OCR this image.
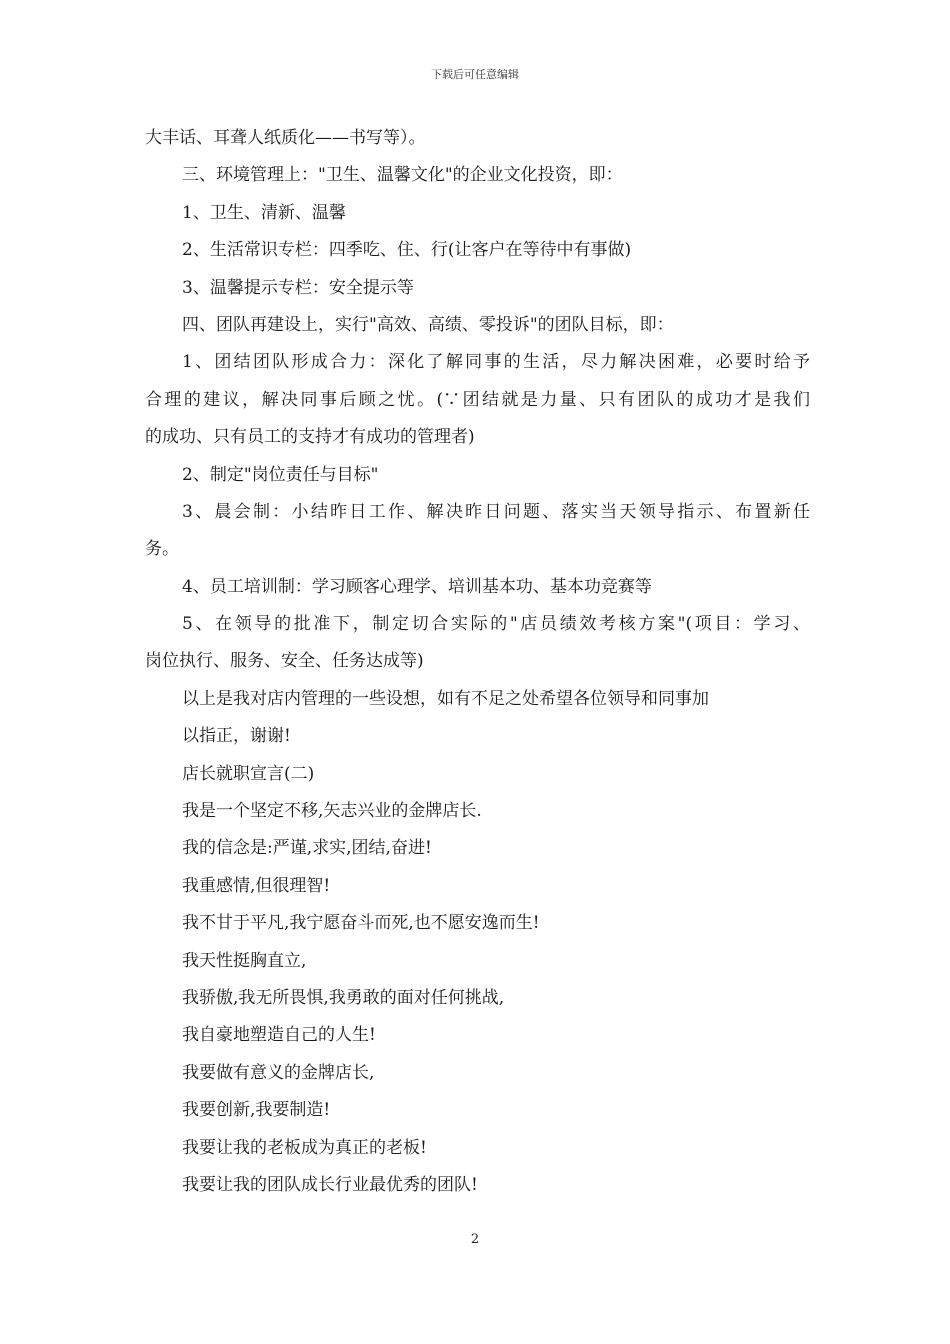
下载后可任意编辑
大丰话、耳聋人纸质化——书写等）。
三、环境管理上："卫生、温馨文化"的企业文化投资，即：
1、卫生、清新、温馨
2、生活常识专栏：四季吃、住、行(让客户在等待中有事做)
3、温馨提示专栏：安全提示等
四、团队再建设上，实行"高效、高绩、零投诉"的团队目标，即：
1、团结团队形成合力：深化了解同事的生活，尽力解决困难，必要时给予
合理的建议，解决同事后顾之忧。(∵团结就是力量、只有团队的成功才是我们
的成功、只有员工的支持才有成功的管理者)
2、制定"岗位责任与目标"
3、晨会制：小结昨日工作、解决昨日问题、落实当天领导指示、布置新任
务。
4、员工培训制：学习顾客心理学、培训基本功、基本功竞赛等
5、在领导的批准下，制定切合实际的"店员绩效考核方案"(项目：学习、
岗位执行、服务、安全、任务达成等)
以上是我对店内管理的一些设想，如有不足之处希望各位领导和同事加
以指正，谢谢!
店长就职宣言(二)
我是一个坚定不移,矢志兴业的金牌店长.
我的信念是:严谨,求实,团结,奋进!
我重感情,但很理智!
我不甘于平凡,我宁愿奋斗而死,也不愿安逸而生!
我天性挺胸直立,
我骄傲,我无所畏惧,我勇敢的面对任何挑战,
我自豪地塑造自己的人生!
我要做有意义的金牌店长,
我要创新,我要制造!
我要让我的老板成为真正的老板!
我要让我的团队成长行业最优秀的团队!
2
